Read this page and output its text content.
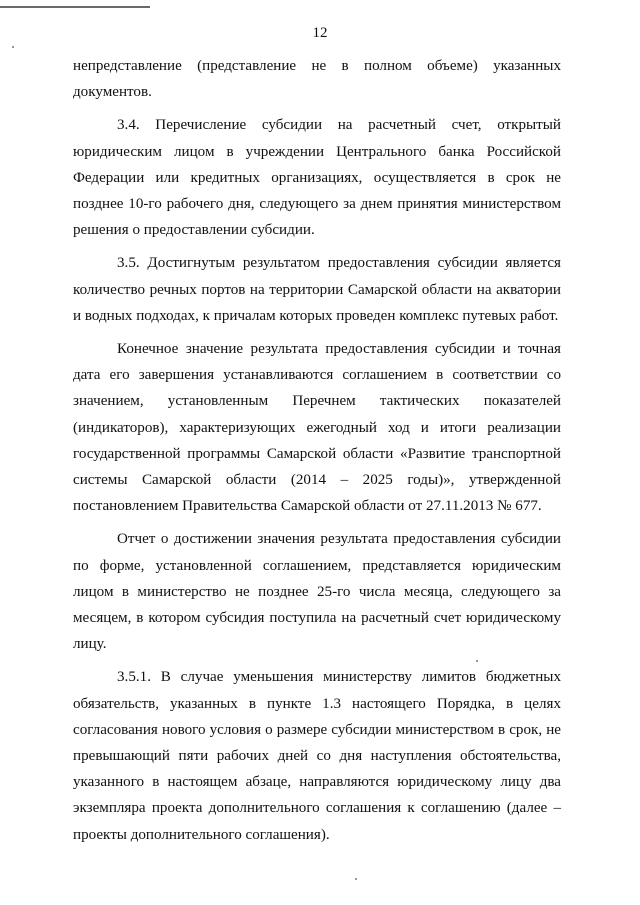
12

непредставление (представление не в полном объеме) указанных документов.

3.4. Перечисление субсидии на расчетный счет, открытый юридическим лицом в учреждении Центрального банка Российской Федерации или кредитных организациях, осуществляется в срок не позднее 10-го рабочего дня, следующего за днем принятия министерством решения о предоставлении субсидии.

3.5. Достигнутым результатом предоставления субсидии является количество речных портов на территории Самарской области на акватории и водных подходах, к причалам которых проведен комплекс путевых работ.

Конечное значение результата предоставления субсидии и точная дата его завершения устанавливаются соглашением в соответствии со значением, установленным Перечнем тактических показателей (индикаторов), характеризующих ежегодный ход и итоги реализации государственной программы Самарской области «Развитие транспортной системы Самарской области (2014 – 2025 годы)», утвержденной постановлением Правительства Самарской области от 27.11.2013 № 677.

Отчет о достижении значения результата предоставления субсидии по форме, установленной соглашением, представляется юридическим лицом в министерство не позднее 25-го числа месяца, следующего за месяцем, в котором субсидия поступила на расчетный счет юридическому лицу.

3.5.1. В случае уменьшения министерству лимитов бюджетных обязательств, указанных в пункте 1.3 настоящего Порядка, в целях согласования нового условия о размере субсидии министерством в срок, не превышающий пяти рабочих дней со дня наступления обстоятельства, указанного в настоящем абзаце, направляются юридическому лицу два экземпляра проекта дополнительного соглашения к соглашению (далее – проекты дополнительного соглашения).
